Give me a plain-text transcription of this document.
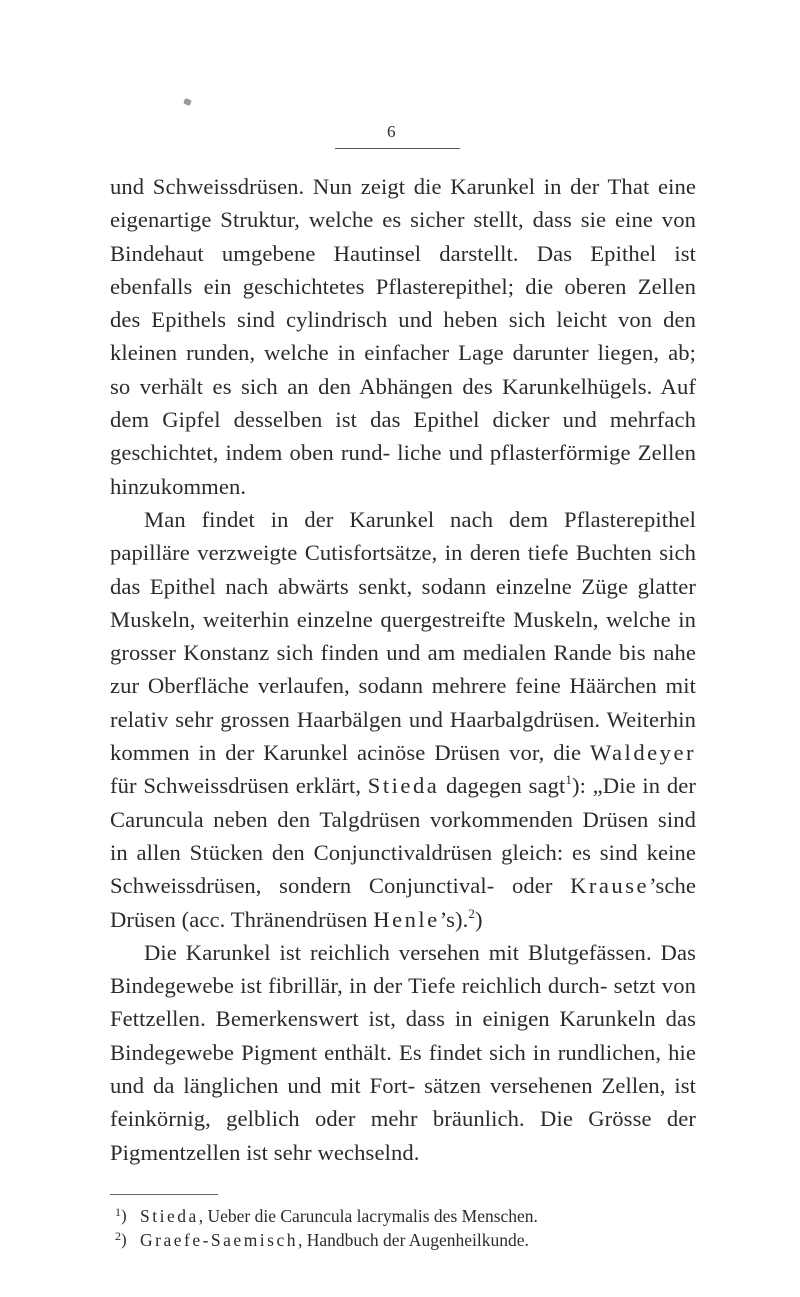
6

und Schweissdrüsen. Nun zeigt die Karunkel in der That eine eigenartige Struktur, welche es sicher stellt, dass sie eine von Bindehaut umgebene Hautinsel darstellt. Das Epithel ist ebenfalls ein geschichtetes Pflasterepithel; die oberen Zellen des Epithels sind cylindrisch und heben sich leicht von den kleinen runden, welche in einfacher Lage darunter liegen, ab; so verhält es sich an den Abhängen des Karunkelhügels. Auf dem Gipfel desselben ist das Epithel dicker und mehrfach geschichtet, indem oben rund- liche und pflasterförmige Zellen hinzukommen.

Man findet in der Karunkel nach dem Pflasterepithel papilläre verzweigte Cutisfortsätze, in deren tiefe Buchten sich das Epithel nach abwärts senkt, sodann einzelne Züge glatter Muskeln, weiterhin einzelne quergestreifte Muskeln, welche in grosser Konstanz sich finden und am medialen Rande bis nahe zur Oberfläche verlaufen, sodann mehrere feine Häärchen mit relativ sehr grossen Haarbälgen und Haarbalgdrüsen. Weiterhin kommen in der Karunkel acinöse Drüsen vor, die Waldeyer für Schweissdrüsen erklärt, Stieda dagegen sagt$^1$): „Die in der Caruncula neben den Talgdrüsen vorkommenden Drüsen sind in allen Stücken den Conjunctivaldrüsen gleich: es sind keine Schweissdrüsen, sondern Conjunctival- oder Krause’sche Drüsen (acc. Thränendrüsen Henle’s).$^2$)

Die Karunkel ist reichlich versehen mit Blutgefässen. Das Bindegewebe ist fibrillär, in der Tiefe reichlich durch- setzt von Fettzellen. Bemerkenswert ist, dass in einigen Karunkeln das Bindegewebe Pigment enthält. Es findet sich in rundlichen, hie und da länglichen und mit Fort- sätzen versehenen Zellen, ist feinkörnig, gelblich oder mehr bräunlich. Die Grösse der Pigmentzellen ist sehr wechselnd.

1 )	Stieda, Ueber die Caruncula lacrymalis des Menschen.

2 )	Graefe-Saemisch, Handbuch der Augenheilkunde.
